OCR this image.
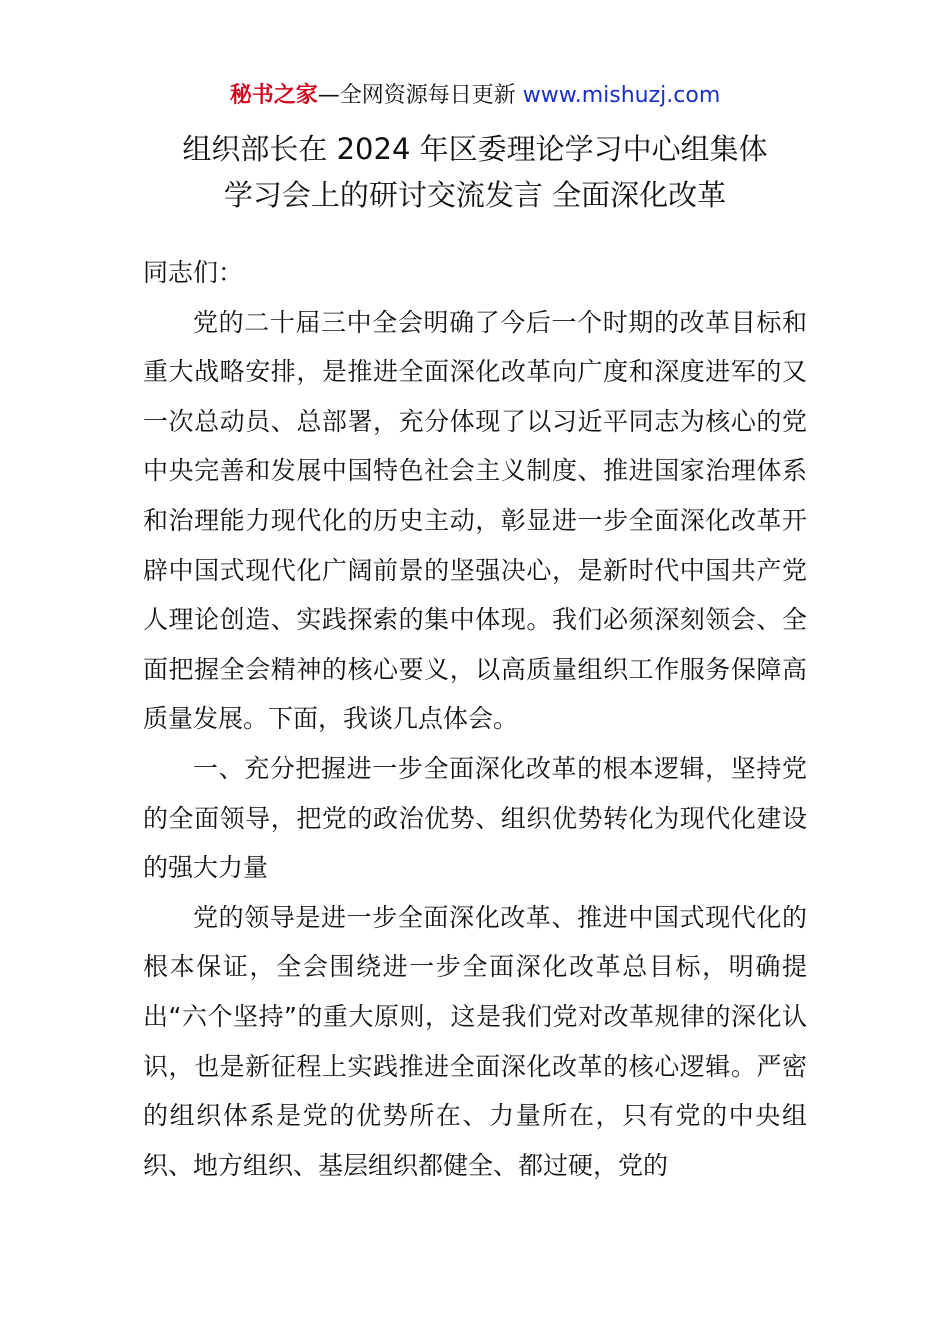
秘书之家—全网资源每日更新 www.mishuzj.com
组织部长在 2024 年区委理论学习中心组集体
学习会上的研讨交流发言 全面深化改革

同志们：

党的二十届三中全会明确了今后一个时期的改革目标和重大战略安排，是推进全面深化改革向广度和深度进军的又一次总动员、总部署，充分体现了以习近平同志为核心的党中央完善和发展中国特色社会主义制度、推进国家治理体系和治理能力现代化的历史主动，彰显进一步全面深化改革开辟中国式现代化广阔前景的坚强决心，是新时代中国共产党人理论创造、实践探索的集中体现。我们必须深刻领会、全面把握全会精神的核心要义，以高质量组织工作服务保障高质量发展。下面，我谈几点体会。

一、充分把握进一步全面深化改革的根本逻辑，坚持党的全面领导，把党的政治优势、组织优势转化为现代化建设的强大力量

党的领导是进一步全面深化改革、推进中国式现代化的根本保证，全会围绕进一步全面深化改革总目标，明确提出“六个坚持”的重大原则，这是我们党对改革规律的深化认识，也是新征程上实践推进全面深化改革的核心逻辑。严密的组织体系是党的优势所在、力量所在，只有党的中央组织、地方组织、基层组织都健全、都过硬，党的
